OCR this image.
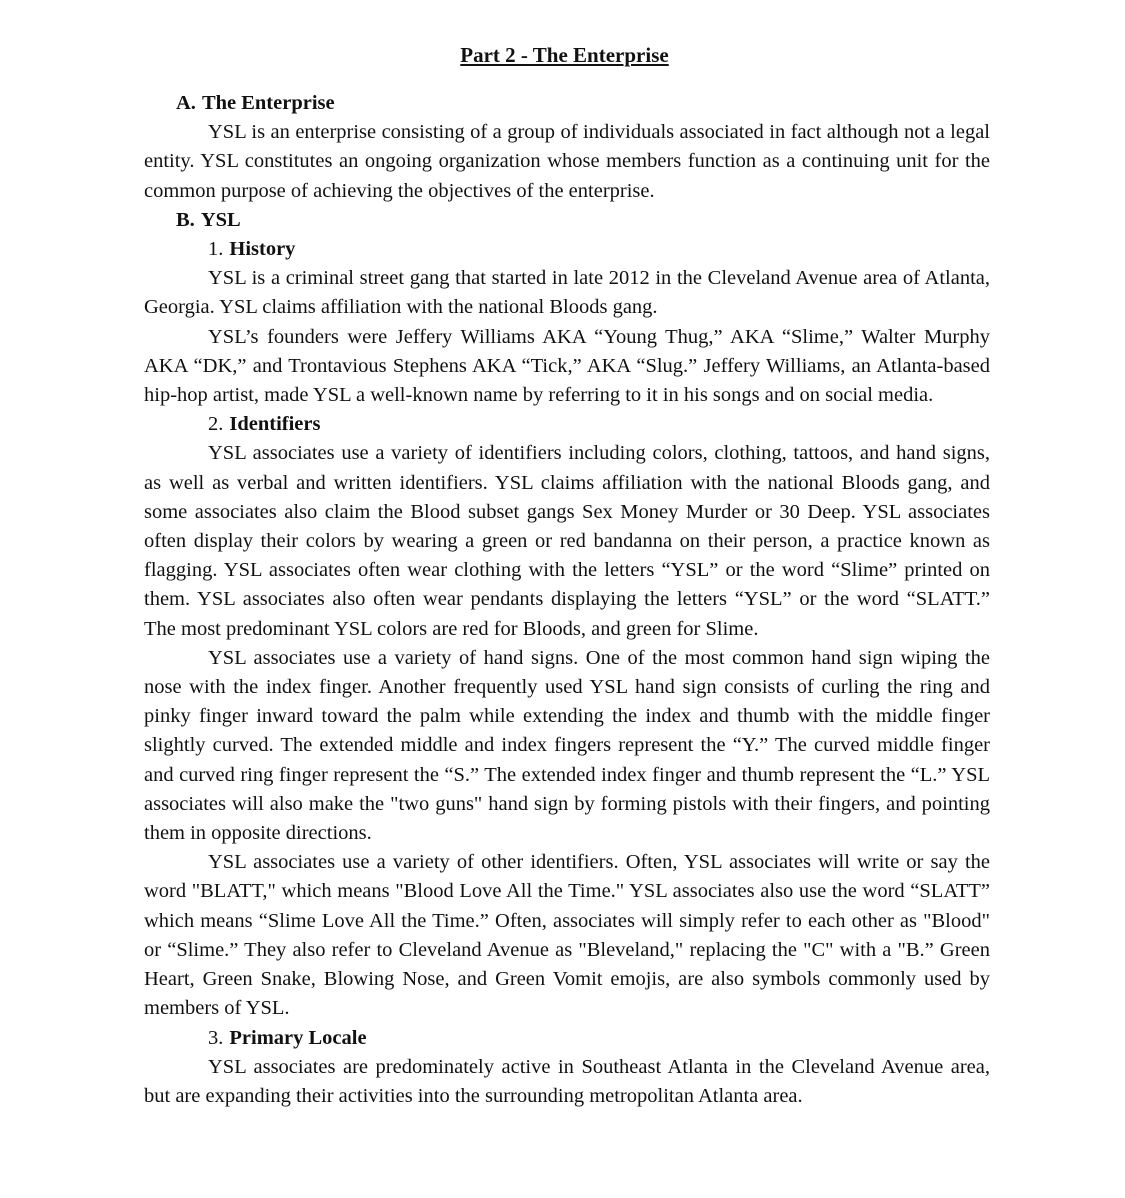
Part 2 - The Enterprise

A. The Enterprise

YSL is an enterprise consisting of a group of individuals associated in fact although not a legal entity. YSL constitutes an ongoing organization whose members function as a continuing unit for the common purpose of achieving the objectives of the enterprise.

B. YSL

1. History

YSL is a criminal street gang that started in late 2012 in the Cleveland Avenue area of Atlanta, Georgia. YSL claims affiliation with the national Bloods gang.

YSL’s founders were Jeffery Williams AKA “Young Thug,” AKA “Slime,” Walter Murphy AKA “DK,” and Trontavious Stephens AKA “Tick,” AKA “Slug.” Jeffery Williams, an Atlanta-based hip-hop artist, made YSL a well-known name by referring to it in his songs and on social media.

2. Identifiers

YSL associates use a variety of identifiers including colors, clothing, tattoos, and hand signs, as well as verbal and written identifiers. YSL claims affiliation with the national Bloods gang, and some associates also claim the Blood subset gangs Sex Money Murder or 30 Deep. YSL associates often display their colors by wearing a green or red bandanna on their person, a practice known as flagging. YSL associates often wear clothing with the letters “YSL” or the word “Slime” printed on them. YSL associates also often wear pendants displaying the letters “YSL” or the word “SLATT.” The most predominant YSL colors are red for Bloods, and green for Slime.

YSL associates use a variety of hand signs. One of the most common hand sign wiping the nose with the index finger. Another frequently used YSL hand sign consists of curling the ring and pinky finger inward toward the palm while extending the index and thumb with the middle finger slightly curved. The extended middle and index fingers represent the “Y.” The curved middle finger and curved ring finger represent the “S.” The extended index finger and thumb represent the “L.” YSL associates will also make the "two guns" hand sign by forming pistols with their fingers, and pointing them in opposite directions.

YSL associates use a variety of other identifiers. Often, YSL associates will write or say the word "BLATT," which means "Blood Love All the Time." YSL associates also use the word “SLATT” which means “Slime Love All the Time.” Often, associates will simply refer to each other as "Blood" or “Slime.” They also refer to Cleveland Avenue as "Bleveland," replacing the "C" with a "B.” Green Heart, Green Snake, Blowing Nose, and Green Vomit emojis, are also symbols commonly used by members of YSL.

3. Primary Locale

YSL associates are predominately active in Southeast Atlanta in the Cleveland Avenue area, but are expanding their activities into the surrounding metropolitan Atlanta area.
